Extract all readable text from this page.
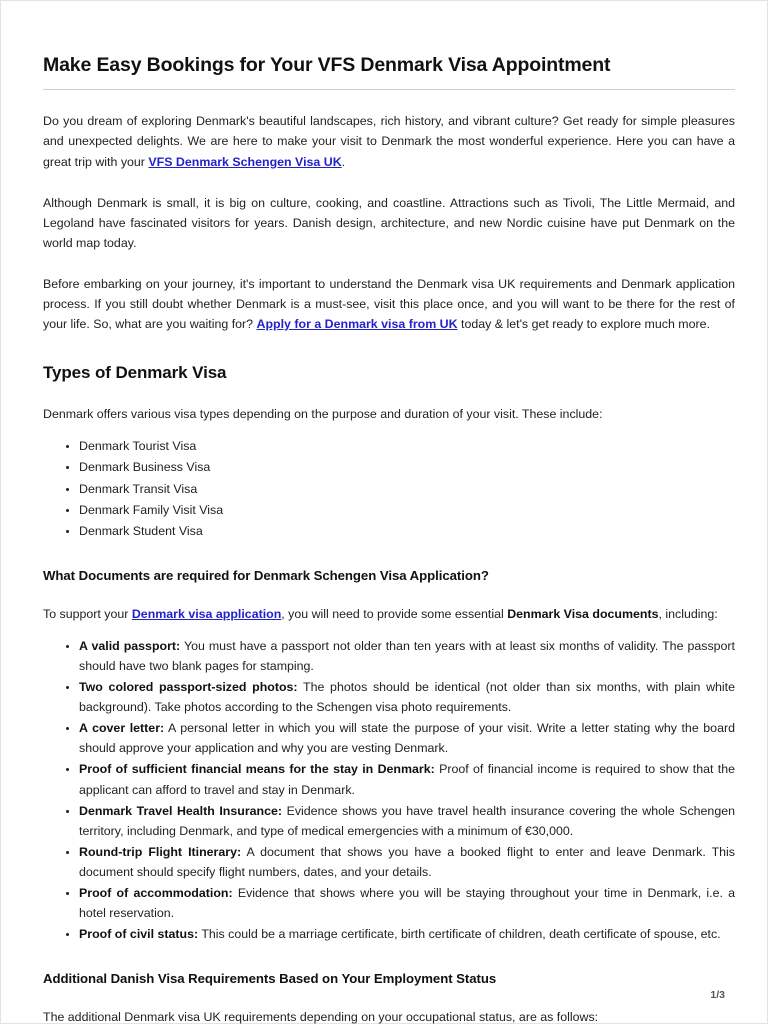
Make Easy Bookings for Your VFS Denmark Visa Appointment

Do you dream of exploring Denmark's beautiful landscapes, rich history, and vibrant culture? Get ready for simple pleasures and unexpected delights. We are here to make your visit to Denmark the most wonderful experience. Here you can have a great trip with your VFS Denmark Schengen Visa UK.

Although Denmark is small, it is big on culture, cooking, and coastline. Attractions such as Tivoli, The Little Mermaid, and Legoland have fascinated visitors for years. Danish design, architecture, and new Nordic cuisine have put Denmark on the world map today.

Before embarking on your journey, it's important to understand the Denmark visa UK requirements and Denmark application process. If you still doubt whether Denmark is a must-see, visit this place once, and you will want to be there for the rest of your life. So, what are you waiting for? Apply for a Denmark visa from UK today & let's get ready to explore much more.

Types of Denmark Visa

Denmark offers various visa types depending on the purpose and duration of your visit. These include:

• Denmark Tourist Visa
• Denmark Business Visa
• Denmark Transit Visa
• Denmark Family Visit Visa
• Denmark Student Visa
What Documents are required for Denmark Schengen Visa Application?

To support your Denmark visa application, you will need to provide some essential Denmark Visa documents, including:

• A valid passport: You must have a passport not older than ten years with at least six months of validity. The passport should have two blank pages for stamping.
• Two colored passport-sized photos: The photos should be identical (not older than six months, with plain white background). Take photos according to the Schengen visa photo requirements.
• A cover letter: A personal letter in which you will state the purpose of your visit. Write a letter stating why the board should approve your application and why you are vesting Denmark.
• Proof of sufficient financial means for the stay in Denmark: Proof of financial income is required to show that the applicant can afford to travel and stay in Denmark.
• Denmark Travel Health Insurance: Evidence shows you have travel health insurance covering the whole Schengen territory, including Denmark, and type of medical emergencies with a minimum of €30,000.
• Round-trip Flight Itinerary: A document that shows you have a booked flight to enter and leave Denmark. This document should specify flight numbers, dates, and your details.
• Proof of accommodation: Evidence that shows where you will be staying throughout your time in Denmark, i.e. a hotel reservation.
• Proof of civil status: This could be a marriage certificate, birth certificate of children, death certificate of spouse, etc.
Additional Danish Visa Requirements Based on Your Employment Status

The additional Denmark visa UK requirements depending on your occupational status, are as follows:

1/3
